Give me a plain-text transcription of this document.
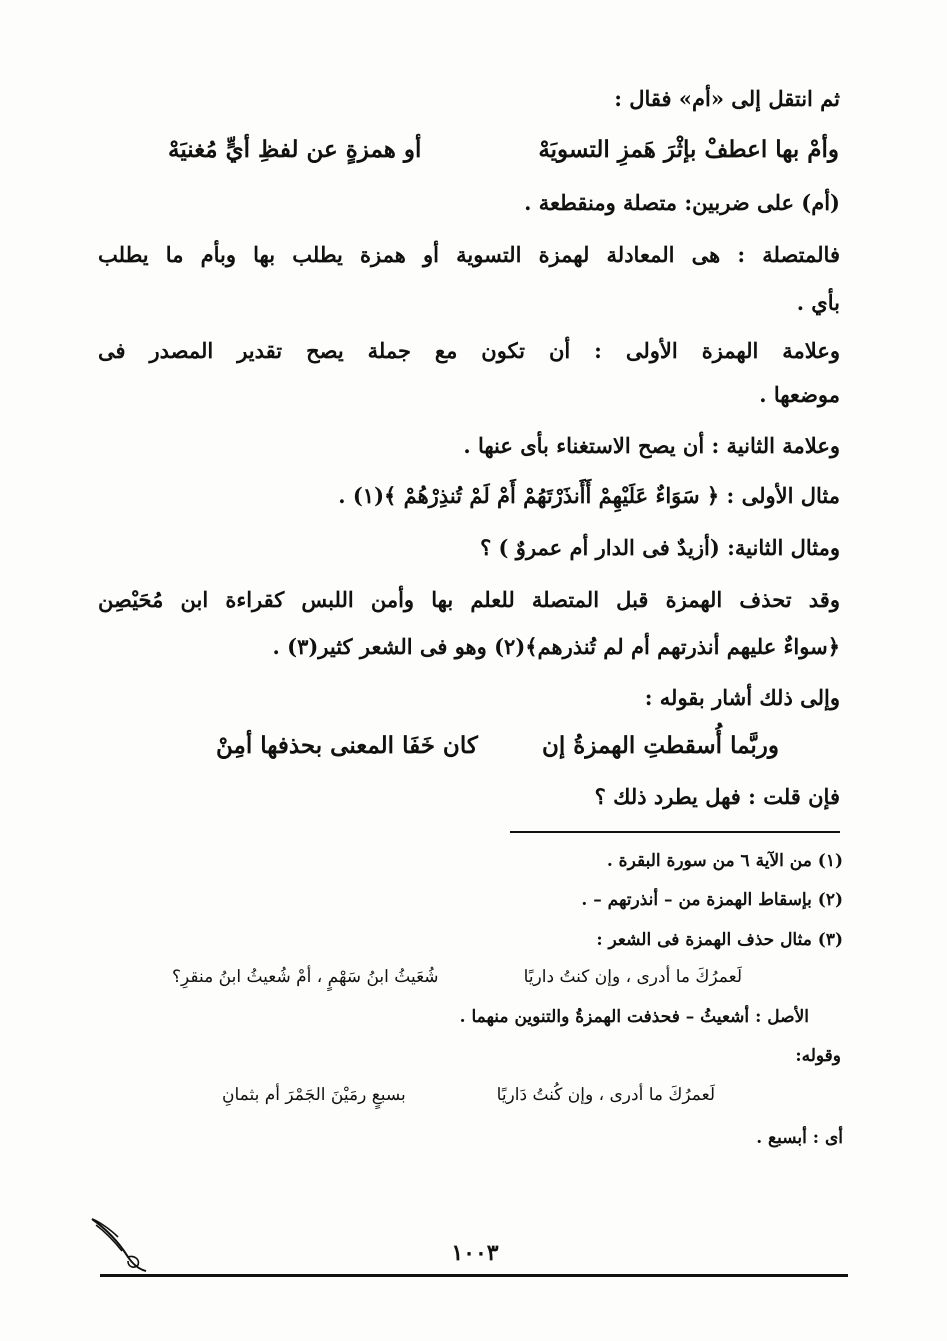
ثم انتقل إلى «أم» فقال :
وأمْ بها اعطفْ بإثْرَ هَمزِ التسويَهْ
أو همزةٍ عن لفظِ أيٍّ مُغنيَهْ
(أم) على ضربين: متصلة ومنقطعة .
فالمتصلة : هى المعادلة لهمزة التسوية أو همزة يطلب بها وبأم ما يطلب
بأي .
وعلامة الهمزة الأولى : أن تكون مع جملة يصح تقدير المصدر فى
موضعها .
وعلامة الثانية : أن يصح الاستغناء بأى عنها .
مثال الأولى : ﴿ سَوَاءٌ عَلَيْهِمْ أَأَنذَرْتَهُمْ أَمْ لَمْ تُنذِرْهُمْ ﴾(١) .
ومثال الثانية: (أزيدٌ فى الدار أم عمروٌ ) ؟
وقد تحذف الهمزة قبل المتصلة للعلم بها وأمن اللبس كقراءة ابن مُحَيْصِن
﴿سواءٌ عليهم أنذرتهم أم لم تُنذرهم﴾(٢) وهو فى الشعر كثير(٣) .
وإلى ذلك أشار بقوله :
وربَّما أُسقطتِ الهمزةُ إن
كان خَفَا المعنى بحذفها أمِنْ
فإن قلت : فهل يطرد ذلك ؟
(١) من الآية ٦ من سورة البقرة .
(٢) بإسقاط الهمزة من – أنذرتهم – .
(٣) مثال حذف الهمزة فى الشعر :
لَعمرُكَ ما أدرى ، وإن كنتُ داريًا
شُعَيثُ ابنُ سَهْمٍ ، أمْ شُعيثُ ابنُ منقرِ؟
الأصل : أشعيثُ – فحذفت الهمزةُ والتنوين منهما .
وقوله:
لَعمرُكَ ما أدرى ، وإن كُنتُ دَاريًا
بسبعٍ رمَيْنَ الجَمْرَ أم بثمانِ
أى : أبسبع .
١٠٠٣
